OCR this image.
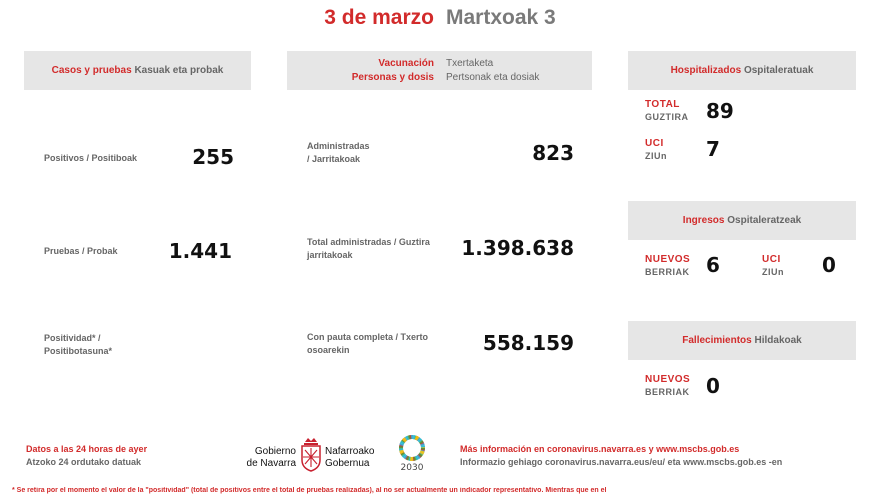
3 de marzo Martxoak 3
Casos y pruebas
Kasuak eta probak
Positivos / Positiboak	255
Pruebas / Probak	1.441
Positividad* /
Positibotasuna*
Vacunación
Personas y dosis
Txertaketa
Pertsonak eta dosiak
Administradas
/ Jarritakoak	823
Total administradas / Guztira
jarritakoak	1.398.638
Con pauta completa / Txerto
osoarekin	558.159
Hospitalizados
Ospitaleratuak
TOTAL
GUZTIRA 89
UCI
ZIUn 7
Ingresos
Ospitaleratzeak
NUEVOS
BERRIAK 6	UCI
ZIUn 0
Fallecimientos
Hildakoak
NUEVOS
BERRIAK 0
Datos a las 24 horas de ayer
Atzoko 24 ordutako datuak
Gobierno
de Navarra
Nafarroako
Gobernua	2030
Más información en coronavirus.navarra.es y www.mscbs.gob.es
Informazio gehiago coronavirus.navarra.eus/eu/ eta www.mscbs.gob.es -en
* Se retira por el momento el valor de la "positividad" (total de positivos entre el total de pruebas realizadas), al no ser actualmente un indicador representativo. Mientras que en el
